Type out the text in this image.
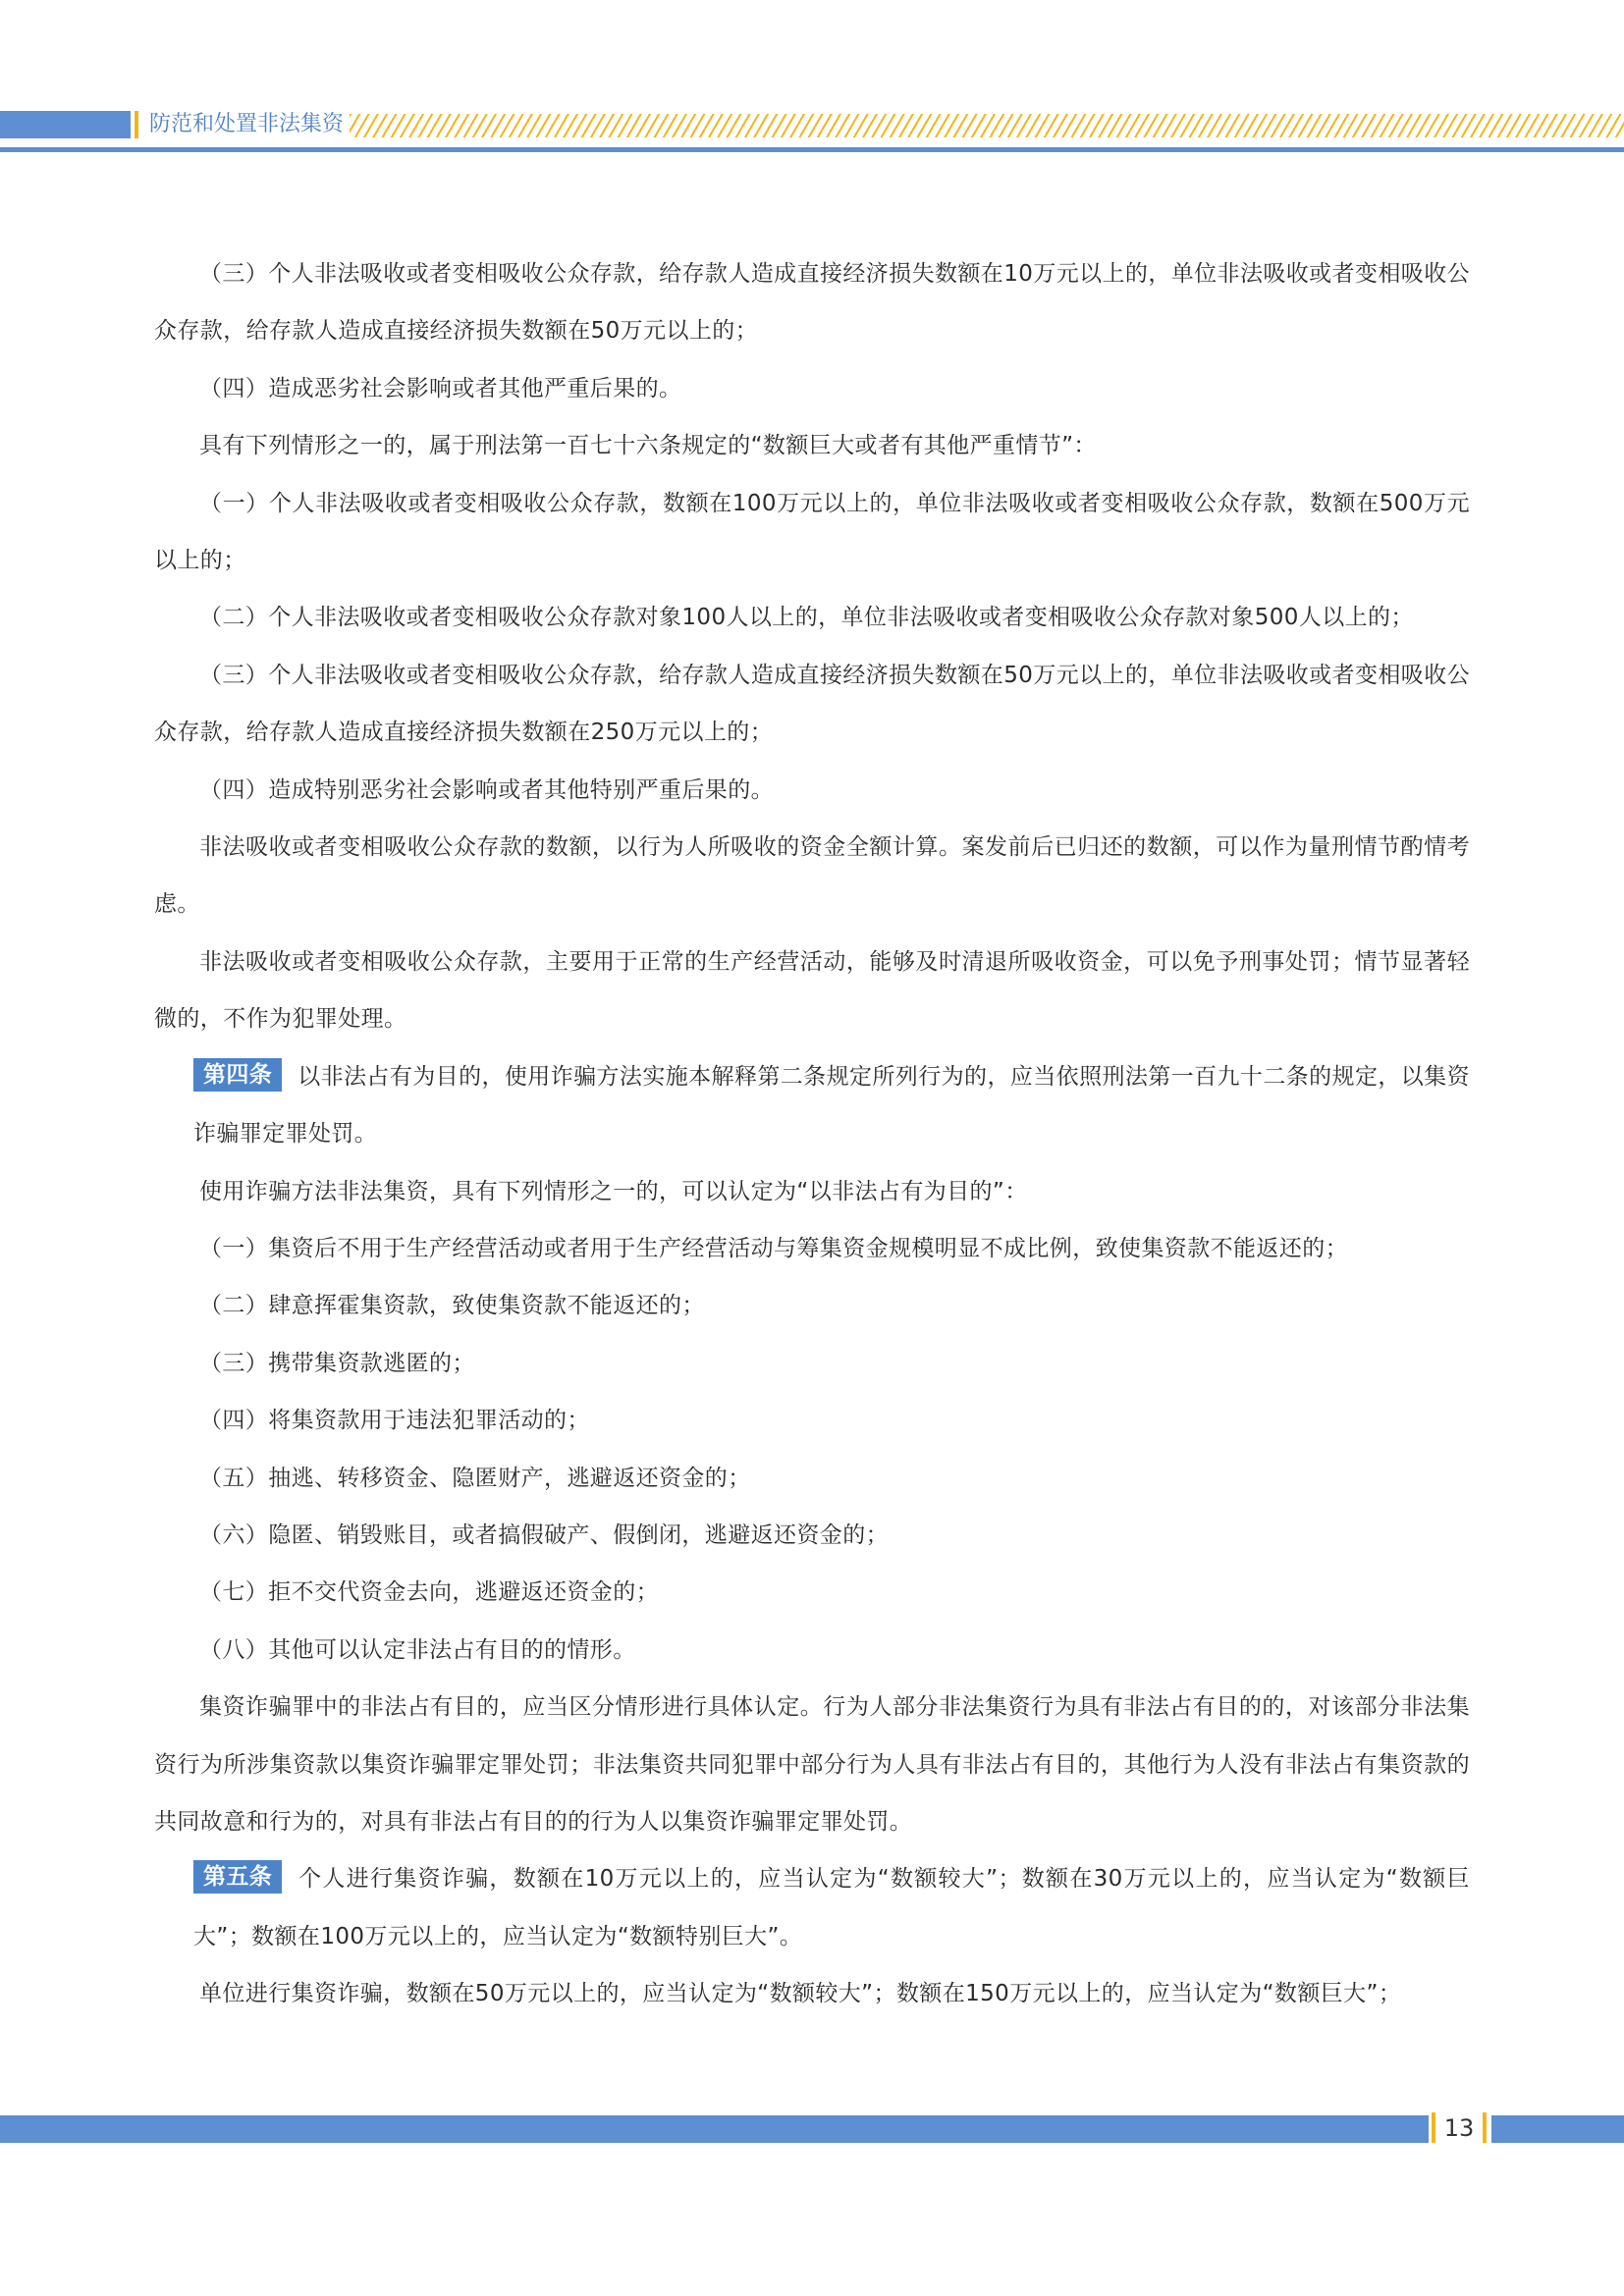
防范和处置非法集资

（三）个人非法吸收或者变相吸收公众存款，给存款人造成直接经济损失数额在10万元以上的，单位非法吸收或者变相吸收公众存款，给存款人造成直接经济损失数额在50万元以上的；

（四）造成恶劣社会影响或者其他严重后果的。

具有下列情形之一的，属于刑法第一百七十六条规定的“数额巨大或者有其他严重情节”：

（一）个人非法吸收或者变相吸收公众存款，数额在100万元以上的，单位非法吸收或者变相吸收公众存款，数额在500万元以上的；

（二）个人非法吸收或者变相吸收公众存款对象100人以上的，单位非法吸收或者变相吸收公众存款对象500人以上的；

（三）个人非法吸收或者变相吸收公众存款，给存款人造成直接经济损失数额在50万元以上的，单位非法吸收或者变相吸收公众存款，给存款人造成直接经济损失数额在250万元以上的；

（四）造成特别恶劣社会影响或者其他特别严重后果的。

非法吸收或者变相吸收公众存款的数额，以行为人所吸收的资金全额计算。案发前后已归还的数额，可以作为量刑情节酌情考虑。

非法吸收或者变相吸收公众存款，主要用于正常的生产经营活动，能够及时清退所吸收资金，可以免予刑事处罚；情节显著轻微的，不作为犯罪处理。

第四条 以非法占有为目的，使用诈骗方法实施本解释第二条规定所列行为的，应当依照刑法第一百九十二条的规定，以集资诈骗罪定罪处罚。

使用诈骗方法非法集资，具有下列情形之一的，可以认定为“以非法占有为目的”：

（一）集资后不用于生产经营活动或者用于生产经营活动与筹集资金规模明显不成比例，致使集资款不能返还的；

（二）肆意挥霍集资款，致使集资款不能返还的；

（三）携带集资款逃匿的；

（四）将集资款用于违法犯罪活动的；

（五）抽逃、转移资金、隐匿财产，逃避返还资金的；

（六）隐匿、销毁账目，或者搞假破产、假倒闭，逃避返还资金的；

（七）拒不交代资金去向，逃避返还资金的；

（八）其他可以认定非法占有目的的情形。

集资诈骗罪中的非法占有目的，应当区分情形进行具体认定。行为人部分非法集资行为具有非法占有目的的，对该部分非法集资行为所涉集资款以集资诈骗罪定罪处罚；非法集资共同犯罪中部分行为人具有非法占有目的，其他行为人没有非法占有集资款的共同故意和行为的，对具有非法占有目的的行为人以集资诈骗罪定罪处罚。

第五条 个人进行集资诈骗，数额在10万元以上的，应当认定为“数额较大”；数额在30万元以上的，应当认定为“数额巨大”；数额在100万元以上的，应当认定为“数额特别巨大”。

单位进行集资诈骗，数额在50万元以上的，应当认定为“数额较大”；数额在150万元以上的，应当认定为“数额巨大”；

13
